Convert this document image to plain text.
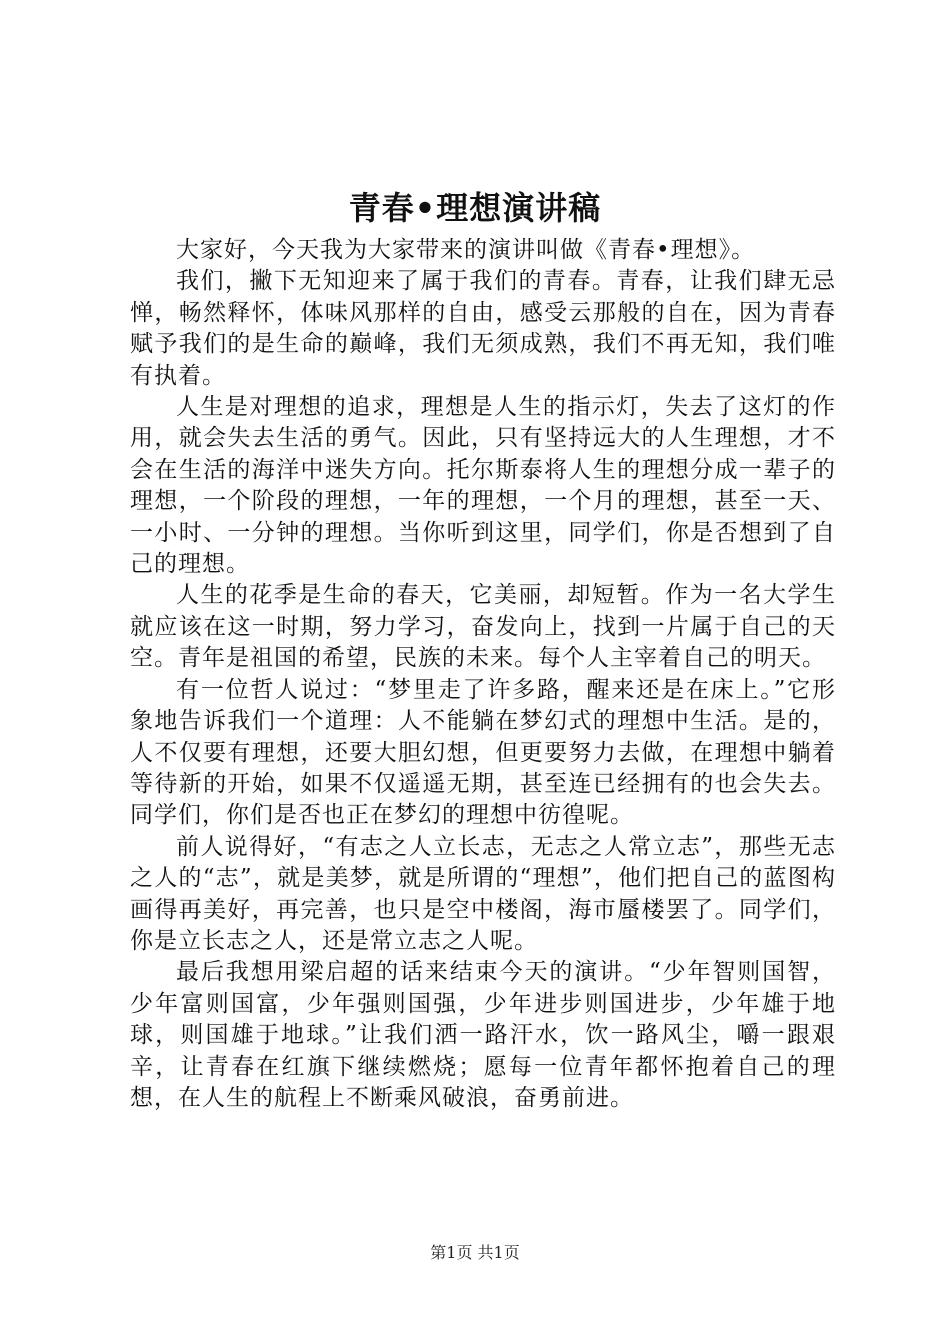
青春•理想演讲稿

大家好，今天我为大家带来的演讲叫做《青春•理想》。

我们，撇下无知迎来了属于我们的青春。青春，让我们肆无忌惮，畅然释怀，体味风那样的自由，感受云那般的自在，因为青春赋予我们的是生命的巅峰，我们无须成熟，我们不再无知，我们唯有执着。

人生是对理想的追求，理想是人生的指示灯，失去了这灯的作用，就会失去生活的勇气。因此，只有坚持远大的人生理想，才不会在生活的海洋中迷失方向。托尔斯泰将人生的理想分成一辈子的理想，一个阶段的理想，一年的理想，一个月的理想，甚至一天、一小时、一分钟的理想。当你听到这里，同学们，你是否想到了自己的理想。

人生的花季是生命的春天，它美丽，却短暂。作为一名大学生就应该在这一时期，努力学习，奋发向上，找到一片属于自己的天空。青年是祖国的希望，民族的未来。每个人主宰着自己的明天。

有一位哲人说过：“梦里走了许多路，醒来还是在床上。”它形象地告诉我们一个道理：人不能躺在梦幻式的理想中生活。是的，人不仅要有理想，还要大胆幻想，但更要努力去做，在理想中躺着等待新的开始，如果不仅遥遥无期，甚至连已经拥有的也会失去。同学们，你们是否也正在梦幻的理想中彷徨呢。

前人说得好，“有志之人立长志，无志之人常立志”，那些无志之人的“志”，就是美梦，就是所谓的“理想”，他们把自己的蓝图构画得再美好，再完善，也只是空中楼阁，海市蜃楼罢了。同学们，你是立长志之人，还是常立志之人呢。

最后我想用梁启超的话来结束今天的演讲。“少年智则国智，少年富则国富，少年强则国强，少年进步则国进步，少年雄于地球，则国雄于地球。”让我们洒一路汗水，饮一路风尘，嚼一跟艰辛，让青春在红旗下继续燃烧；愿每一位青年都怀抱着自己的理想，在人生的航程上不断乘风破浪，奋勇前进。

第1页 共1页
